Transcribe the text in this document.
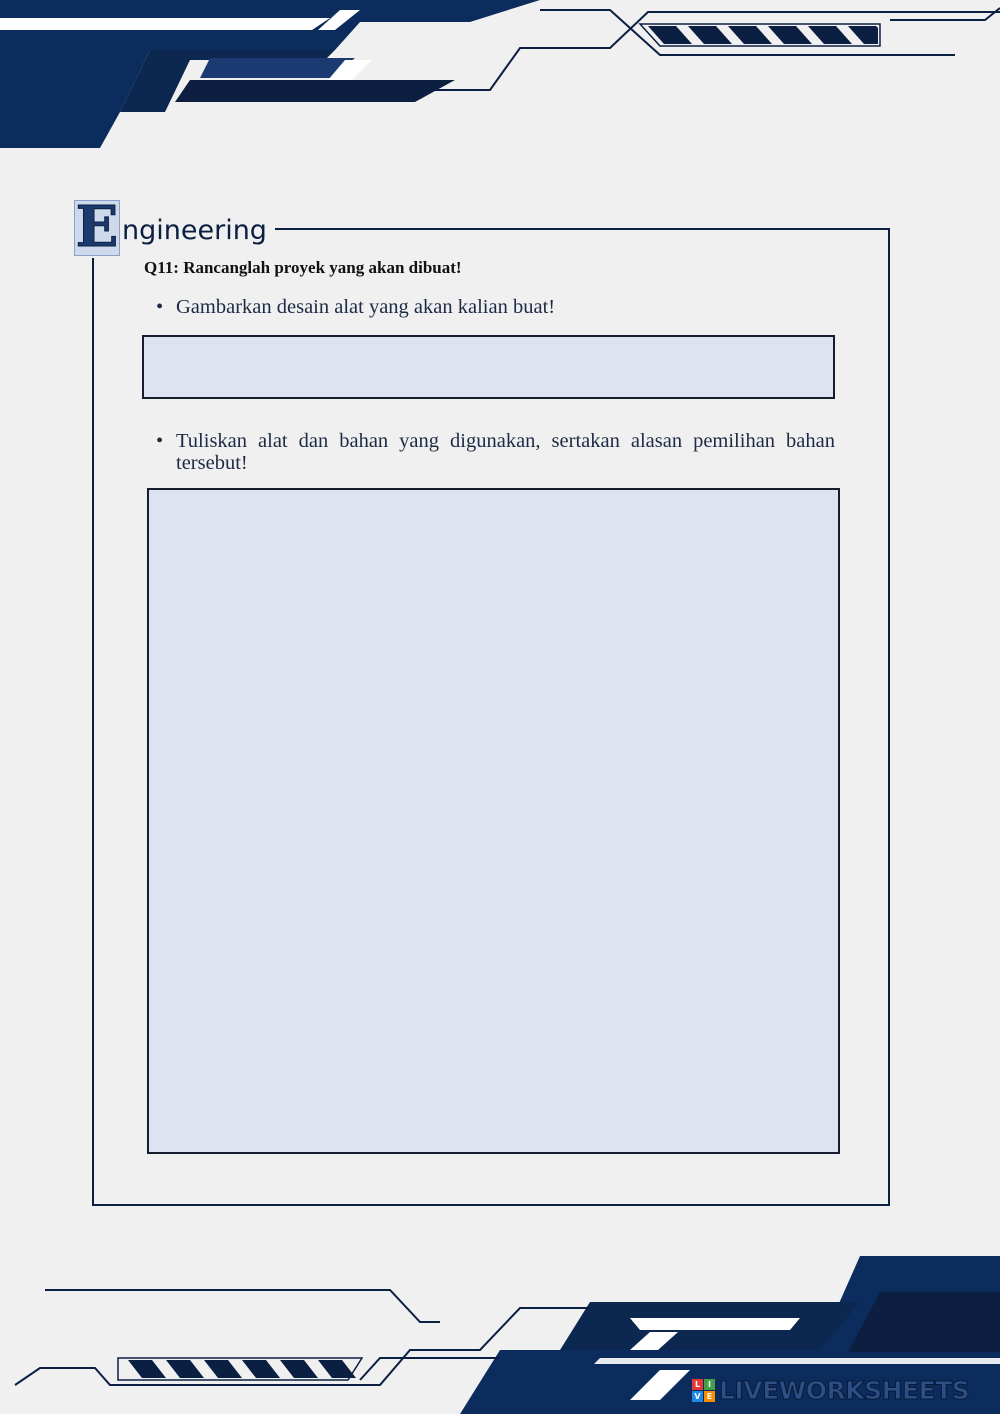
E ngineering
Q11: Rancanglah proyek yang akan dibuat!
• Gambarkan desain alat yang akan kalian buat!
• Tuliskan alat dan bahan yang digunakan, sertakan alasan pemilihan bahan tersebut!
L I
V E LIVEWORKSHEETS
